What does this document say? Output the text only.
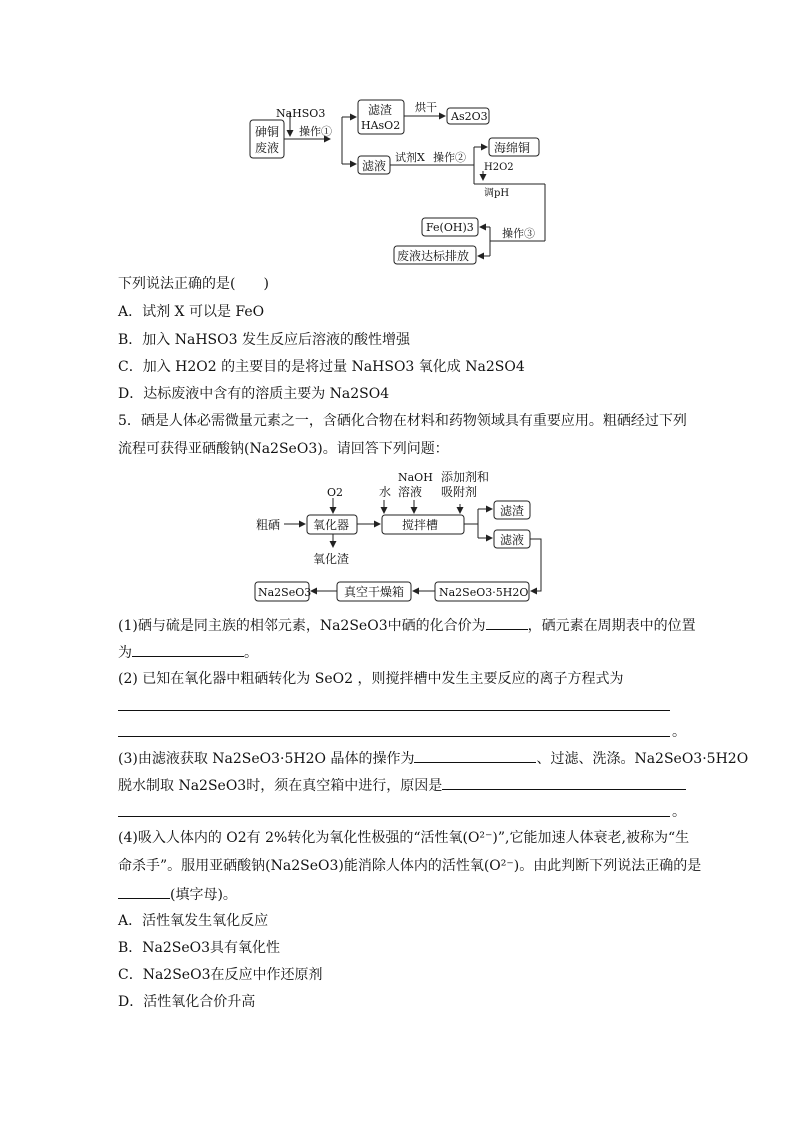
NaHSO3
砷铜
废液
操作①
滤渣
HAsO2
烘干
As2O3
滤液
试剂X 操作②
海绵铜
H2O2
调pH
操作③
Fe(OH)3
废液达标排放
下列说法正确的是(　　)
A．试剂 X 可以是 FeO
B．加入 NaHSO3 发生反应后溶液的酸性增强
C．加入 H2O2 的主要目的是将过量 NaHSO3 氧化成 Na2SO4
D．达标废液中含有的溶质主要为 Na2SO4
5．硒是人体必需微量元素之一，含硒化合物在材料和药物领域具有重要应用。粗硒经过下列
流程可获得亚硒酸钠(Na2SeO3)。请回答下列问题：
O2	水
NaOH
溶液
添加剂和
吸附剂
粗硒	氧化器	搅拌槽
滤渣
滤液
氧化渣
Na2SeO3·5H2O
真空干燥箱
Na2SeO3
(1)硒与硫是同主族的相邻元素，Na2SeO3中硒的化合价为	，硒元素在周期表中的位置
为	。
(2) 已知在氧化器中粗硒转化为 SeO2 ，则搅拌槽中发生主要反应的离子方程式为
。
(3)由滤液获取 Na2SeO3·5H2O 晶体的操作为	、过滤、洗涤。Na2SeO3·5H2O
脱水制取 Na2SeO3时，须在真空箱中进行，原因是
。
(4)吸入人体内的 O2有 2%转化为氧化性极强的“活性氧(O²⁻)”,它能加速人体衰老,被称为“生
命杀手”。服用亚硒酸钠(Na2SeO3)能消除人体内的活性氧(O²⁻)。由此判断下列说法正确的是
(填字母)。
A．活性氧发生氧化反应
B．Na2SeO3具有氧化性
C．Na2SeO3在反应中作还原剂
D．活性氧化合价升高
